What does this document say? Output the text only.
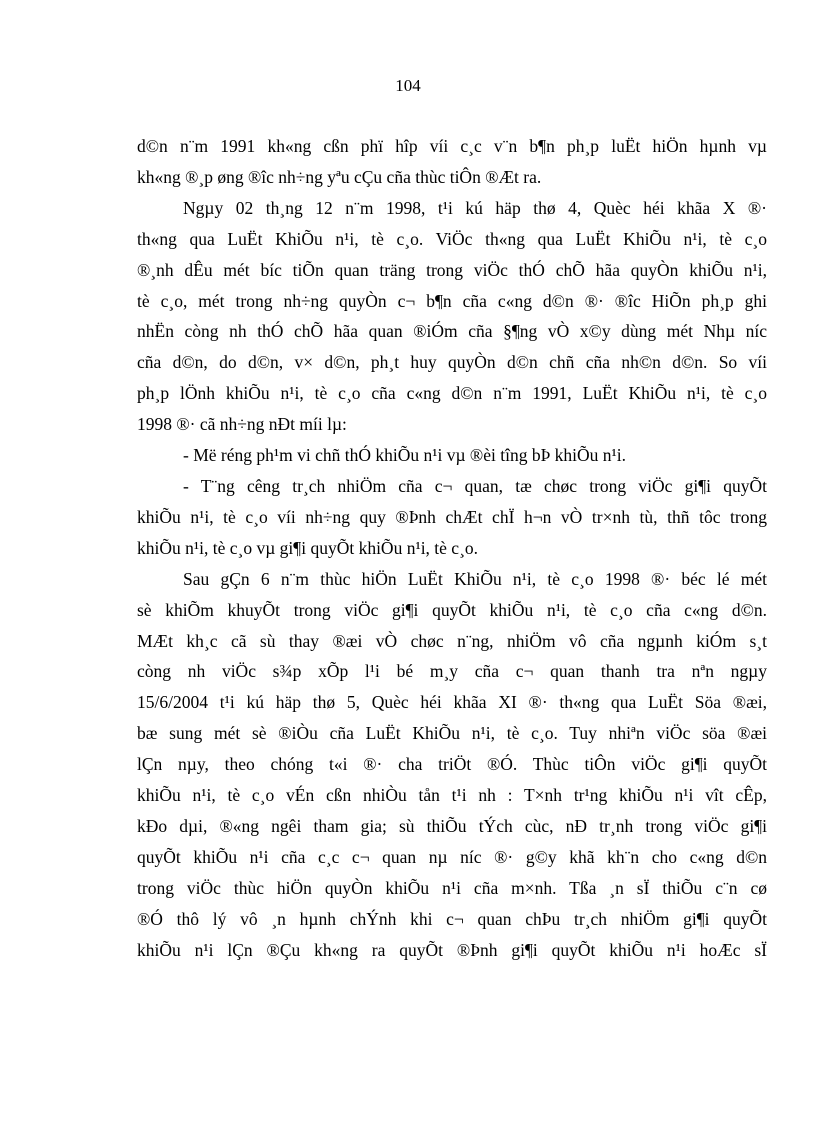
104
d©n n¨m 1991 kh«ng cßn phï hîp víi c¸c v¨n b¶n ph¸p luËt hiÖn hµnh vµ
kh«ng ®¸p øng ®îc nh÷ng yªu cÇu cña thùc tiÔn ®Æt ra.
Ngµy 02 th¸ng 12 n¨m 1998, t¹i kú häp thø 4, Quèc héi khãa X ®·
th«ng qua LuËt KhiÕu n¹i, tè c¸o. ViÖc th«ng qua LuËt KhiÕu n¹i, tè c¸o
®¸nh dÊu mét bíc tiÕn quan träng trong viÖc thÓ chÕ hãa quyÒn khiÕu n¹i,
tè c¸o, mét trong nh÷ng quyÒn c¬ b¶n cña c«ng d©n ®· ®îc HiÕn ph¸p ghi
nhËn còng nh thÓ chÕ hãa quan ®iÓm cña §¶ng vÒ x©y dùng mét Nhµ níc
cña d©n, do d©n, v× d©n, ph¸t huy quyÒn d©n chñ cña nh©n d©n. So víi
ph¸p lÖnh khiÕu n¹i, tè c¸o cña c«ng d©n n¨m 1991, LuËt KhiÕu n¹i, tè c¸o
1998 ®· cã nh÷ng nÐt míi lµ:
- Më réng ph¹m vi chñ thÓ khiÕu n¹i vµ ®èi tîng bÞ khiÕu n¹i.
- T¨ng cêng tr¸ch nhiÖm cña c¬ quan, tæ chøc trong viÖc gi¶i quyÕt
khiÕu n¹i, tè c¸o víi nh÷ng quy ®Þnh chÆt chÏ h¬n vÒ tr×nh tù, thñ tôc trong
khiÕu n¹i, tè c¸o vµ gi¶i quyÕt khiÕu n¹i, tè c¸o.
Sau gÇn 6 n¨m thùc hiÖn LuËt KhiÕu n¹i, tè c¸o 1998 ®· béc lé mét
sè khiÕm khuyÕt trong viÖc gi¶i quyÕt khiÕu n¹i, tè c¸o cña c«ng d©n.
MÆt kh¸c cã sù thay ®æi vÒ chøc n¨ng, nhiÖm vô cña ngµnh kiÓm s¸t
còng nh viÖc s¾p xÕp l¹i bé m¸y cña c¬ quan thanh tra nªn ngµy
15/6/2004 t¹i kú häp thø 5, Quèc héi khãa XI ®· th«ng qua LuËt Söa ®æi,
bæ sung mét sè ®iÒu cña LuËt KhiÕu n¹i, tè c¸o. Tuy nhiªn viÖc söa ®æi
lÇn nµy, theo chóng t«i ®· cha triÖt ®Ó. Thùc tiÔn viÖc gi¶i quyÕt
khiÕu n¹i, tè c¸o vÉn cßn nhiÒu tån t¹i nh : T×nh tr¹ng khiÕu n¹i vît cÊp,
kÐo dµi, ®«ng ngêi tham gia; sù thiÕu tÝch cùc, nÐ tr¸nh trong viÖc gi¶i
quyÕt khiÕu n¹i cña c¸c c¬ quan nµ níc ®· g©y khã kh¨n cho c«ng d©n
trong viÖc thùc hiÖn quyÒn khiÕu n¹i cña m×nh. Tßa ¸n sÏ thiÕu c¨n cø
®Ó thô lý vô ¸n hµnh chÝnh khi c¬ quan chÞu tr¸ch nhiÖm gi¶i quyÕt
khiÕu n¹i lÇn ®Çu kh«ng ra quyÕt ®Þnh gi¶i quyÕt khiÕu n¹i hoÆc sÏ
